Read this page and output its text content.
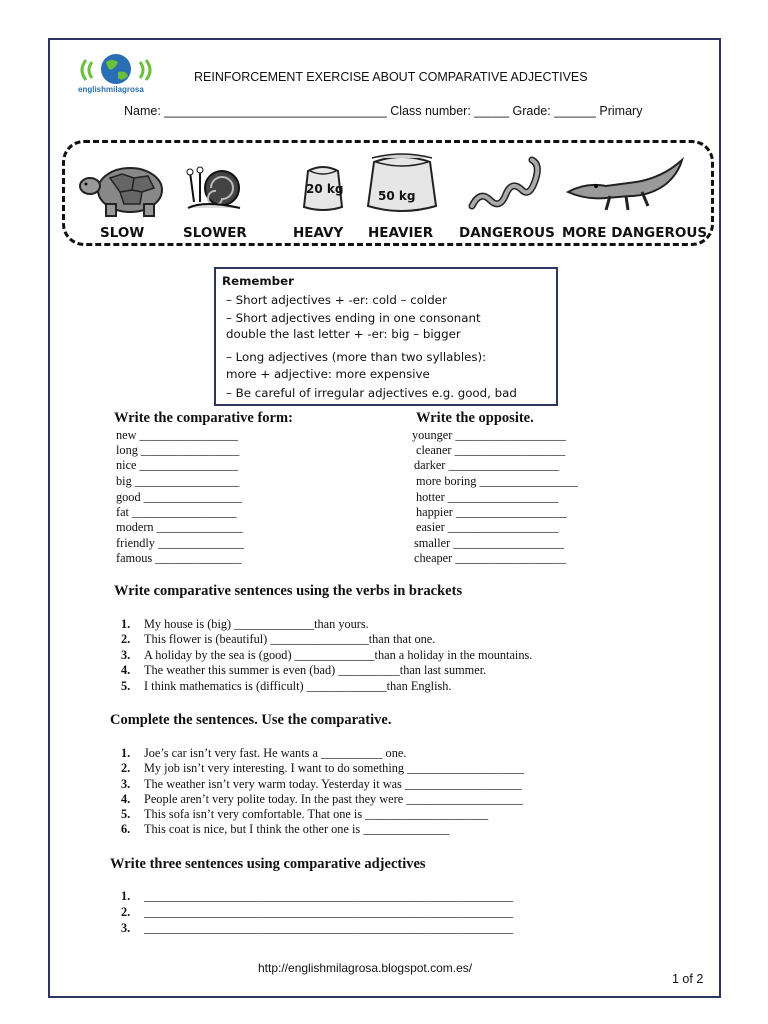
englishmilagrosa
REINFORCEMENT EXERCISE ABOUT COMPARATIVE ADJECTIVES
Name: ________________________________ Class number: _____ Grade: ______ Primary
SLOW	SLOWER
20 kg
HEAVY
50 kg
HEAVIER DANGEROUS MORE DANGEROUS
Remember
– Short adjectives + -er: cold – colder
– Short adjectives ending in one consonant
double the last letter + -er: big – bigger
– Long adjectives (more than two syllables):
more + adjective: more expensive
– Be careful of irregular adjectives e.g. good, bad
Write the comparative form:	Write the opposite.
new ________________
long ________________
nice ________________
big _________________
good ________________
fat _________________
modern ______________
friendly ______________
famous ______________
younger __________________
cleaner __________________
darker __________________
more boring ________________
hotter __________________
happier __________________
easier __________________
smaller __________________
cheaper __________________
Write comparative sentences using the verbs in brackets
1. My house is (big) _____________than yours.
2. This flower is (beautiful) ________________than that one.
3. A holiday by the sea is (good) _____________than a holiday in the mountains.
4. The weather this summer is even (bad) __________than last summer.
5. I think mathematics is (difficult) _____________than English.
Complete the sentences. Use the comparative.
1. Joe’s car isn’t very fast. He wants a __________ one.
2. My job isn’t very interesting. I want to do something ___________________
3. The weather isn’t very warm today. Yesterday it was ___________________
4. People aren’t very polite today. In the past they were ___________________
5. This sofa isn’t very comfortable. That one is ____________________
6. This coat is nice, but I think the other one is ______________
Write three sentences using comparative adjectives
1. ____________________________________________________________
2. ____________________________________________________________
3. ____________________________________________________________
http://englishmilagrosa.blogspot.com.es/
1 of 2
